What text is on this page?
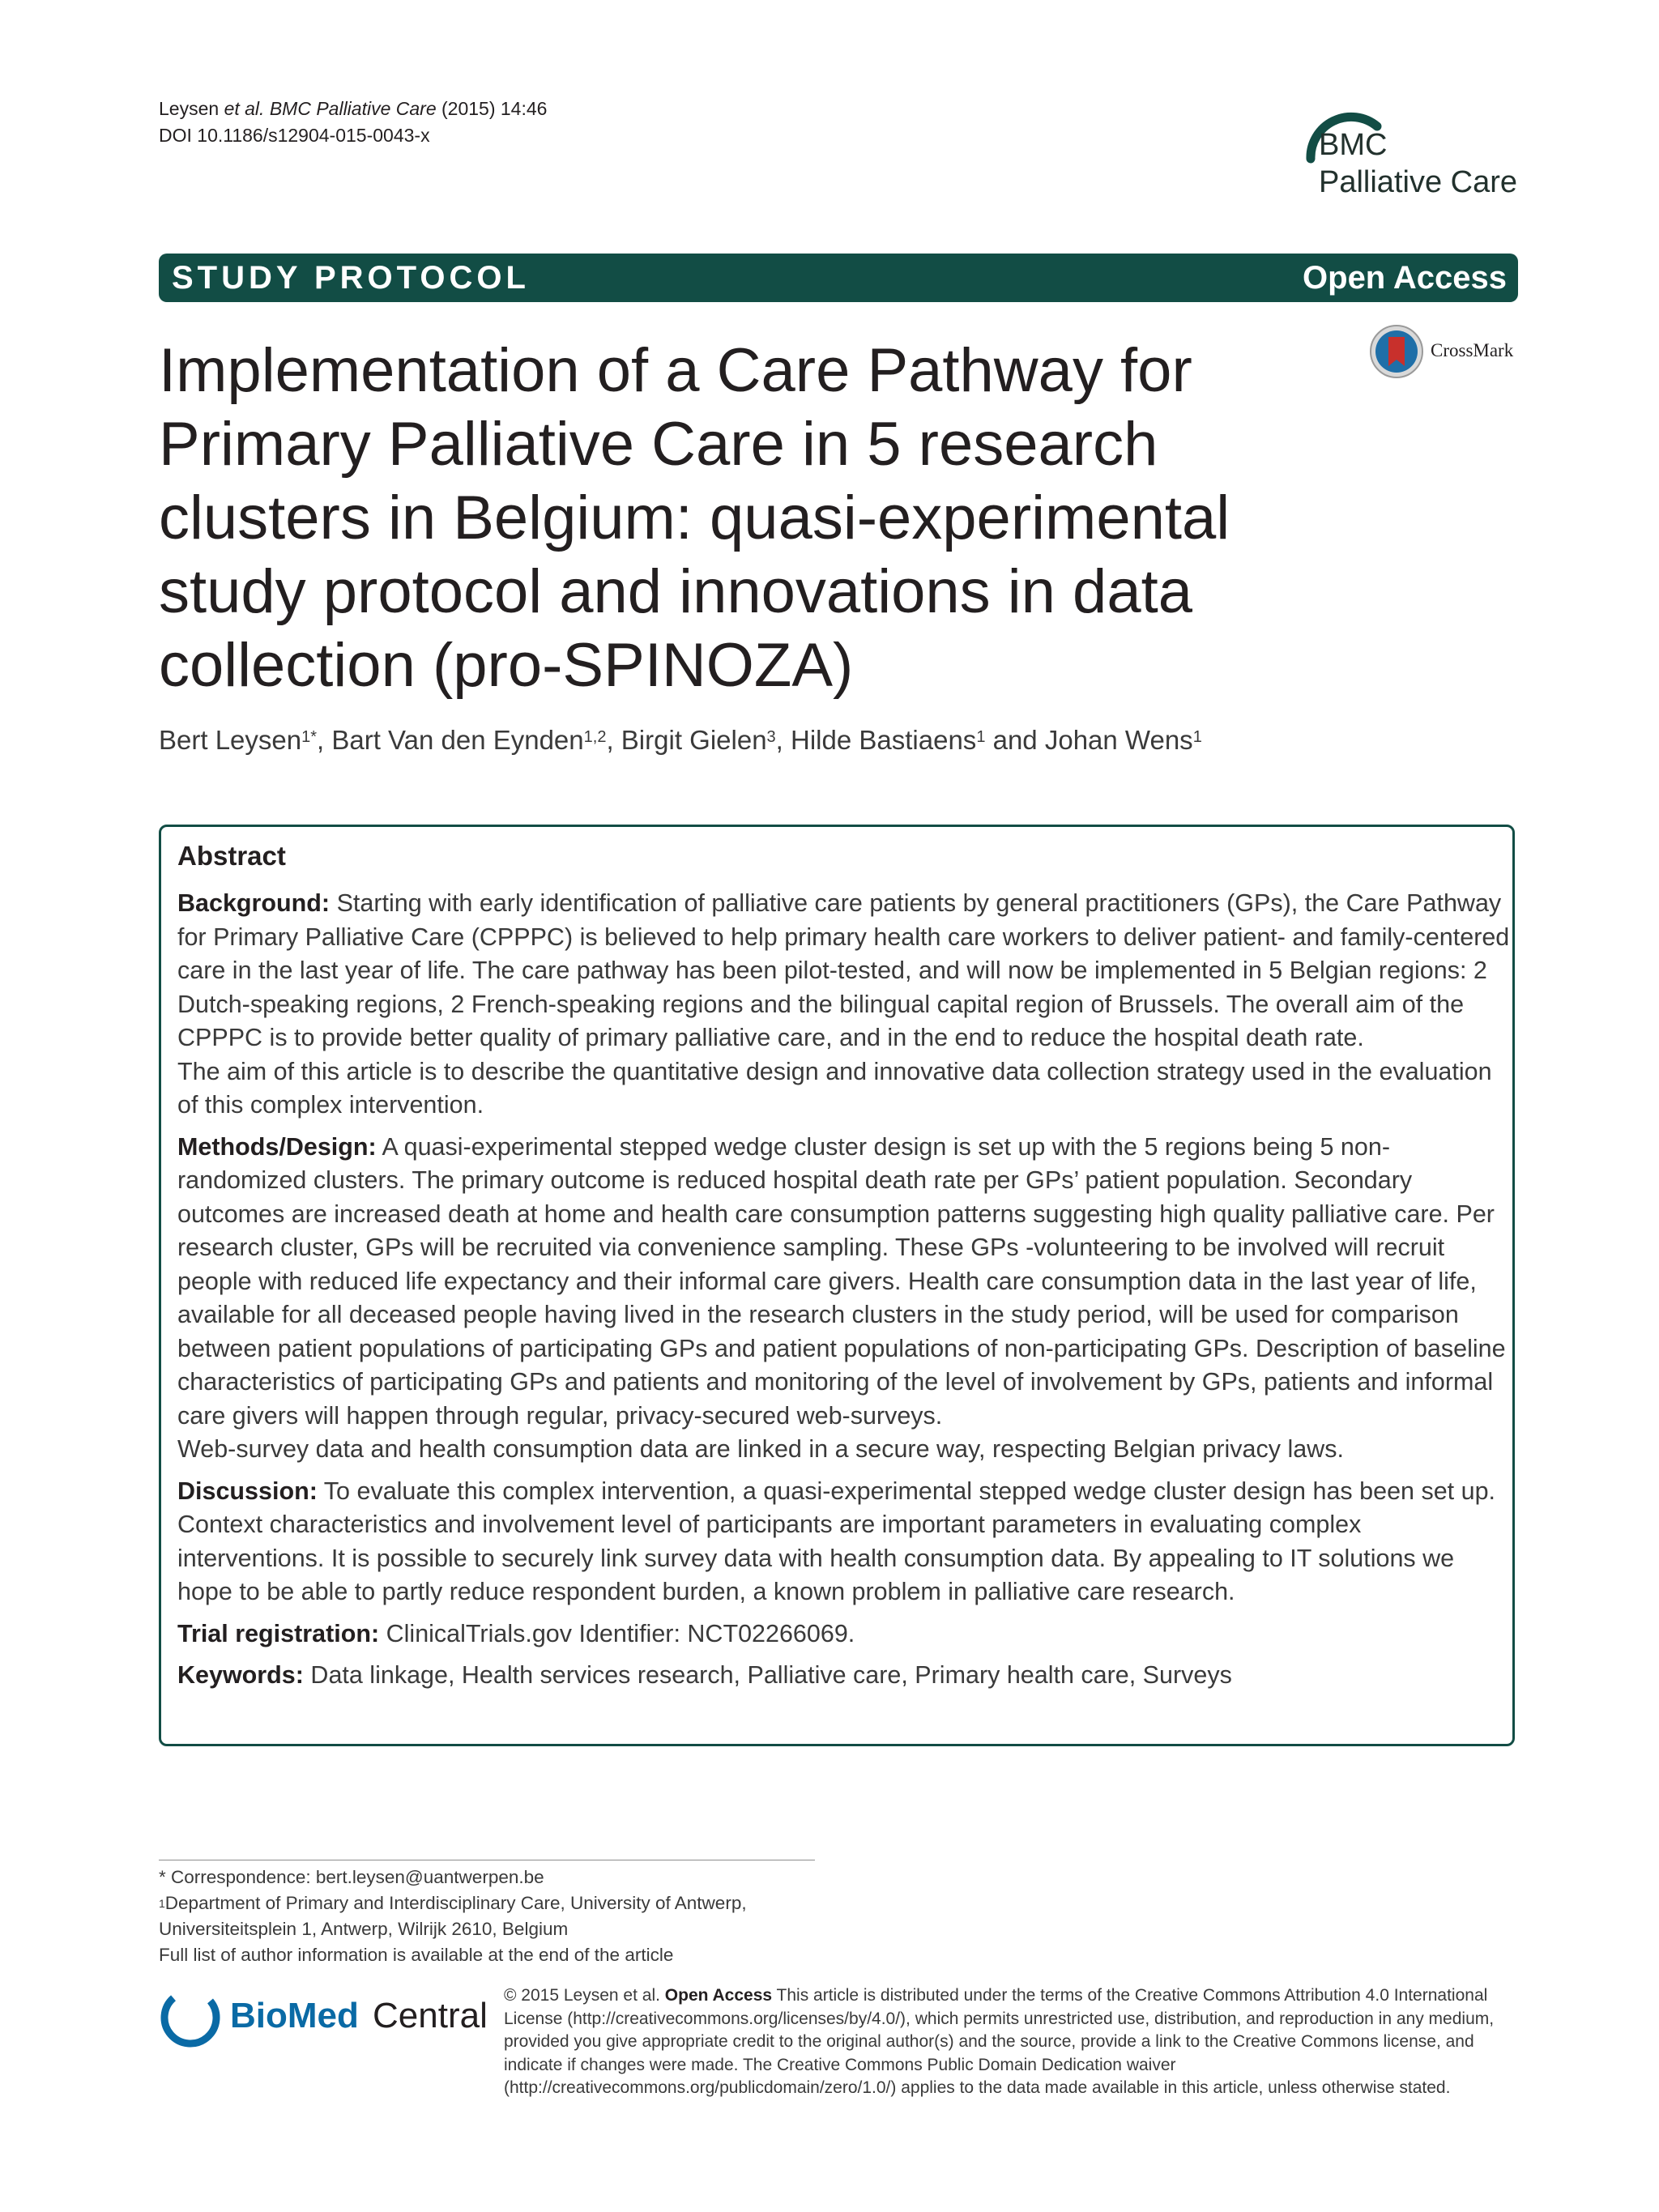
Leysen et al. BMC Palliative Care (2015) 14:46
DOI 10.1186/s12904-015-0043-x	BMC
Palliative Care
STUDY PROTOCOL	Open Access
CrossMark
Implementation of a Care Pathway for Primary Palliative Care in 5 research clusters in Belgium: quasi-experimental study protocol and innovations in data collection (pro-SPINOZA)
Bert Leysen$^{1*}$, Bart Van den Eynden$^{1,2}$, Birgit Gielen$^3$, Hilde Bastiaens$^1$ and Johan Wens$^1$
Abstract

Background: Starting with early identification of palliative care patients by general practitioners (GPs), the Care Pathway for Primary Palliative Care (CPPPC) is believed to help primary health care workers to deliver patient- and family-centered care in the last year of life. The care pathway has been pilot-tested, and will now be implemented in 5 Belgian regions: 2 Dutch-speaking regions, 2 French-speaking regions and the bilingual capital region of Brussels. The overall aim of the CPPPC is to provide better quality of primary palliative care, and in the end to reduce the hospital death rate.
The aim of this article is to describe the quantitative design and innovative data collection strategy used in the evaluation of this complex intervention.

Methods/Design: A quasi-experimental stepped wedge cluster design is set up with the 5 regions being 5 non-randomized clusters. The primary outcome is reduced hospital death rate per GPs’ patient population. Secondary outcomes are increased death at home and health care consumption patterns suggesting high quality palliative care. Per research cluster, GPs will be recruited via convenience sampling. These GPs -volunteering to be involved will recruit people with reduced life expectancy and their informal care givers. Health care consumption data in the last year of life, available for all deceased people having lived in the research clusters in the study period, will be used for comparison between patient populations of participating GPs and patient populations of non-participating GPs. Description of baseline characteristics of participating GPs and patients and monitoring of the level of involvement by GPs, patients and informal care givers will happen through regular, privacy-secured web-surveys.
Web-survey data and health consumption data are linked in a secure way, respecting Belgian privacy laws.

Discussion: To evaluate this complex intervention, a quasi-experimental stepped wedge cluster design has been set up. Context characteristics and involvement level of participants are important parameters in evaluating complex interventions. It is possible to securely link survey data with health consumption data. By appealing to IT solutions we hope to be able to partly reduce respondent burden, a known problem in palliative care research.

Trial registration: ClinicalTrials.gov Identifier: NCT02266069.

Keywords: Data linkage, Health services research, Palliative care, Primary health care, Surveys

* Correspondence: bert.leysen@uantwerpen.be
$^1$Department of Primary and Interdisciplinary Care, University of Antwerp, Universiteitsplein 1, Antwerp, Wilrijk 2610, Belgium
Full list of author information is available at the end of the article
BioMed Central
© 2015 Leysen et al. Open Access This article is distributed under the terms of the Creative Commons Attribution 4.0 International License (http://creativecommons.org/licenses/by/4.0/), which permits unrestricted use, distribution, and reproduction in any medium, provided you give appropriate credit to the original author(s) and the source, provide a link to the Creative Commons license, and indicate if changes were made. The Creative Commons Public Domain Dedication waiver (http://creativecommons.org/publicdomain/zero/1.0/) applies to the data made available in this article, unless otherwise stated.
